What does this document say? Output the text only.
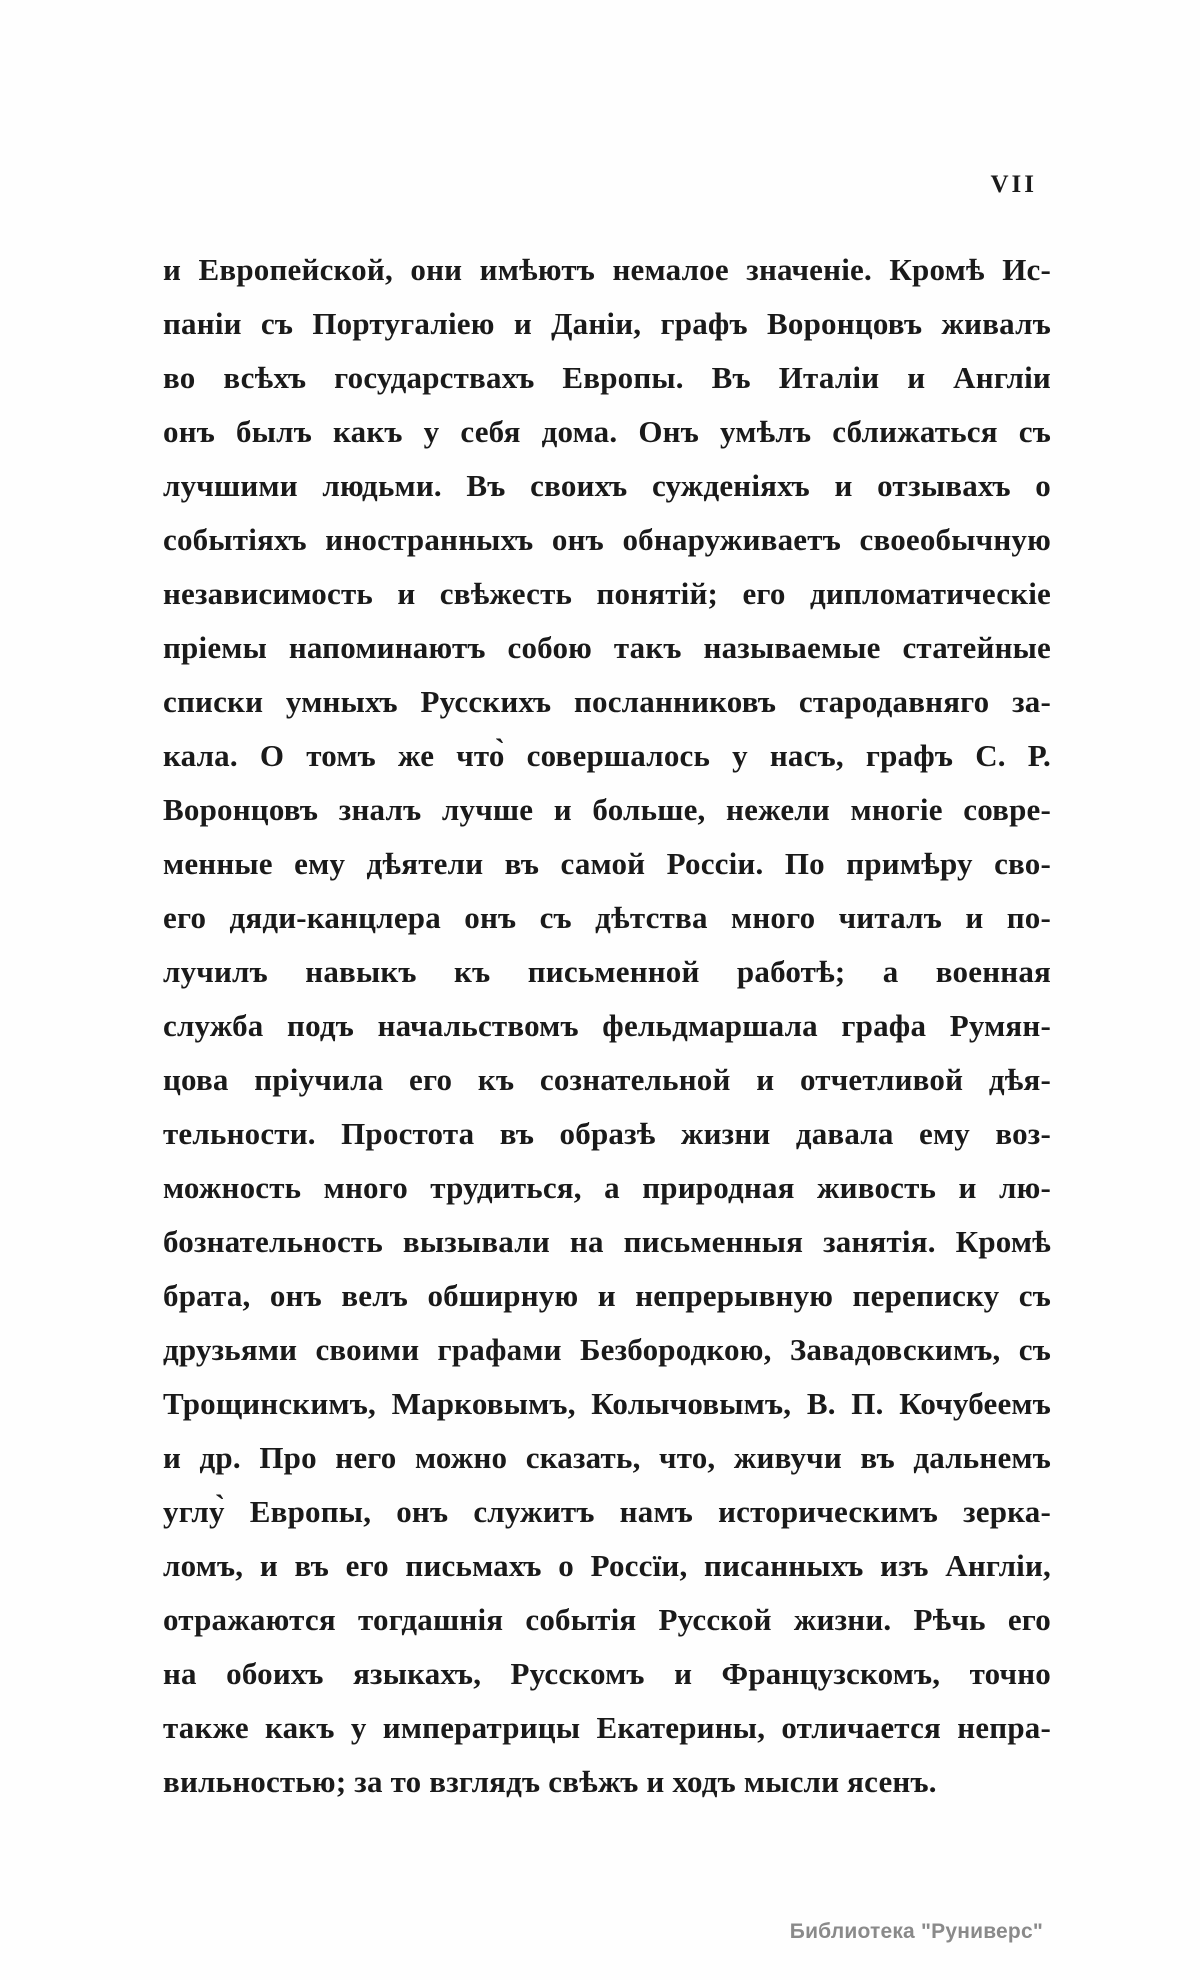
VII
и Европейской, они имѣютъ немалое значеніе. Кромѣ Ис-
паніи съ Португаліею и Даніи, графъ Воронцовъ живалъ
во всѣхъ государствахъ Европы. Въ Италіи и Англіи
онъ былъ какъ у себя дома. Онъ умѣлъ сближаться съ
лучшими людьми. Въ своихъ сужденіяхъ и отзывахъ о
событіяхъ иностранныхъ онъ обнаруживаетъ своеобычную
независимость и свѣжесть понятій; его дипломатическіе
пріемы напоминаютъ собою такъ называемые статейные
списки умныхъ Русскихъ посланниковъ стародавняго за-
кала. О томъ же что̀ совершалось у насъ, графъ С. Р.
Воронцовъ зналъ лучше и больше, нежели многіе совре-
менные ему дѣятели въ самой Россіи. По примѣру сво-
его дяди-канцлера онъ съ дѣтства много читалъ и по-
лучилъ навыкъ къ письменной работѣ; а военная
служба подъ начальствомъ фельдмаршала графа Румян-
цова пріучила его къ сознательной и отчетливой дѣя-
тельности. Простота въ образѣ жизни давала ему воз-
можность много трудиться, а природная живость и лю-
бознательность вызывали на письменныя занятія. Кромѣ
брата, онъ велъ обширную и непрерывную переписку съ
друзьями своими графами Безбородкою, Завадовскимъ, съ
Трощинскимъ, Марковымъ, Колычовымъ, В. П. Кочубеемъ
и др. Про него можно сказать, что, живучи въ дальнемъ
углу̀ Европы, онъ служитъ намъ историческимъ зерка-
ломъ, и въ его письмахъ о Россїи, писанныхъ изъ Англіи,
отражаются тогдашнія событія Русской жизни. Рѣчь его
на обоихъ языкахъ, Русскомъ и Французскомъ, точно
также какъ у императрицы Екатерины, отличается непра-
вильностью; за то взглядъ свѣжъ и ходъ мысли ясенъ.
Библиотека "Руниверс"
